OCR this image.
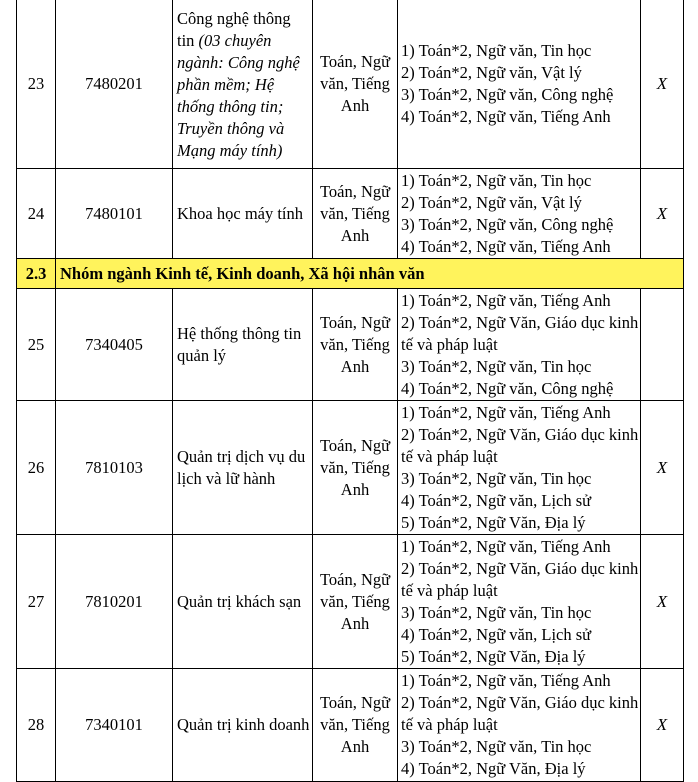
23	7480201	Công nghệ thông tin (03 chuyên ngành: Công nghệ phần mềm; Hệ thống thông tin; Truyền thông và Mạng máy tính)	Toán, Ngữ văn, Tiếng Anh	1) Toán*2, Ngữ văn, Tin học
2) Toán*2, Ngữ văn, Vật lý
3) Toán*2, Ngữ văn, Công nghệ
4) Toán*2, Ngữ văn, Tiếng Anh	X
24	7480101	Khoa học máy tính	Toán, Ngữ văn, Tiếng Anh	1) Toán*2, Ngữ văn, Tin học
2) Toán*2, Ngữ văn, Vật lý
3) Toán*2, Ngữ văn, Công nghệ
4) Toán*2, Ngữ văn, Tiếng Anh	X
2.3	Nhóm ngành Kinh tế, Kinh doanh, Xã hội nhân văn				
25	7340405	Hệ thống thông tin quản lý	Toán, Ngữ văn, Tiếng Anh	1) Toán*2, Ngữ văn, Tiếng Anh
2) Toán*2, Ngữ Văn, Giáo dục kinh tế và pháp luật
3) Toán*2, Ngữ văn, Tin học
4) Toán*2, Ngữ văn, Công nghệ	

26	7810103	Quản trị dịch vụ du lịch và lữ hành	Toán, Ngữ văn, Tiếng Anh	1) Toán*2, Ngữ văn, Tiếng Anh
2) Toán*2, Ngữ Văn, Giáo dục kinh tế và pháp luật
3) Toán*2, Ngữ văn, Tin học
4) Toán*2, Ngữ văn, Lịch sử
5) Toán*2, Ngữ Văn, Địa lý	X
27	7810201	Quản trị khách sạn	Toán, Ngữ văn, Tiếng Anh	1) Toán*2, Ngữ văn, Tiếng Anh
2) Toán*2, Ngữ Văn, Giáo dục kinh tế và pháp luật
3) Toán*2, Ngữ văn, Tin học
4) Toán*2, Ngữ văn, Lịch sử
5) Toán*2, Ngữ Văn, Địa lý	X
28	7340101	Quản trị kinh doanh	Toán, Ngữ văn, Tiếng Anh	1) Toán*2, Ngữ văn, Tiếng Anh
2) Toán*2, Ngữ Văn, Giáo dục kinh tế và pháp luật
3) Toán*2, Ngữ văn, Tin học
4) Toán*2, Ngữ Văn, Địa lý	X
